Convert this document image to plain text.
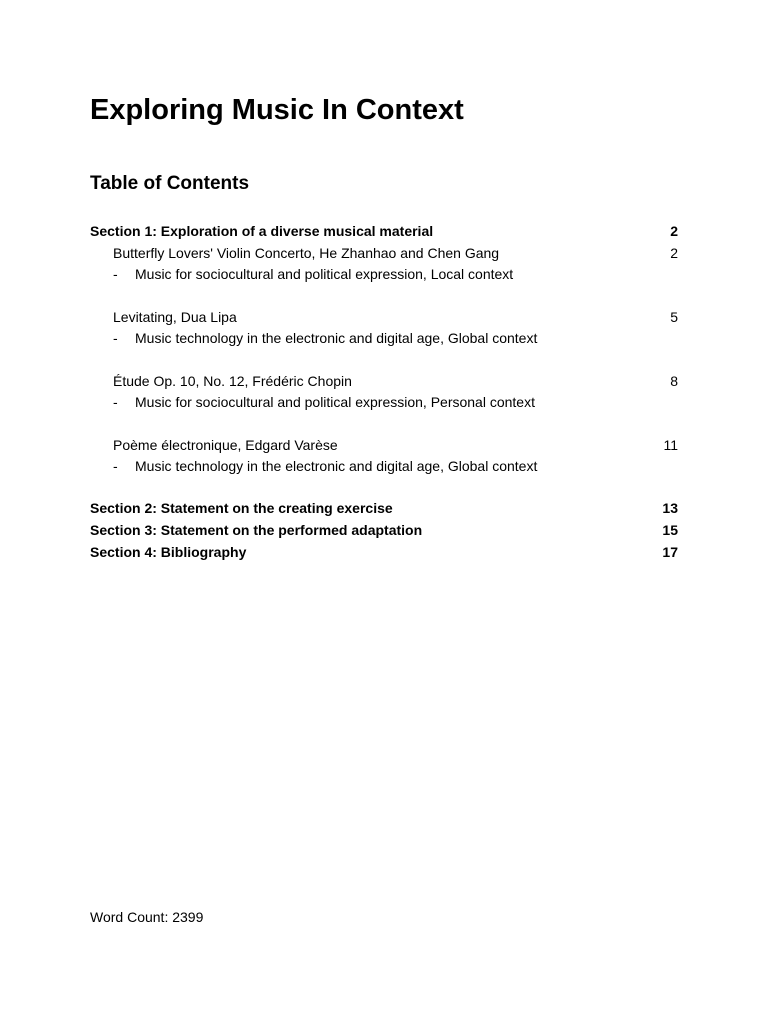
Exploring Music In Context
Table of Contents
Section 1: Exploration of a diverse musical material	2
Butterfly Lovers' Violin Concerto, He Zhanhao and Chen Gang	2
- Music for sociocultural and political expression, Local context
Levitating, Dua Lipa	5
- Music technology in the electronic and digital age, Global context
Étude Op. 10, No. 12, Frédéric Chopin	8
- Music for sociocultural and political expression, Personal context
Poème électronique, Edgard Varèse	11
- Music technology in the electronic and digital age, Global context
Section 2: Statement on the creating exercise	13
Section 3: Statement on the performed adaptation	15
Section 4: Bibliography	17
Word Count: 2399
